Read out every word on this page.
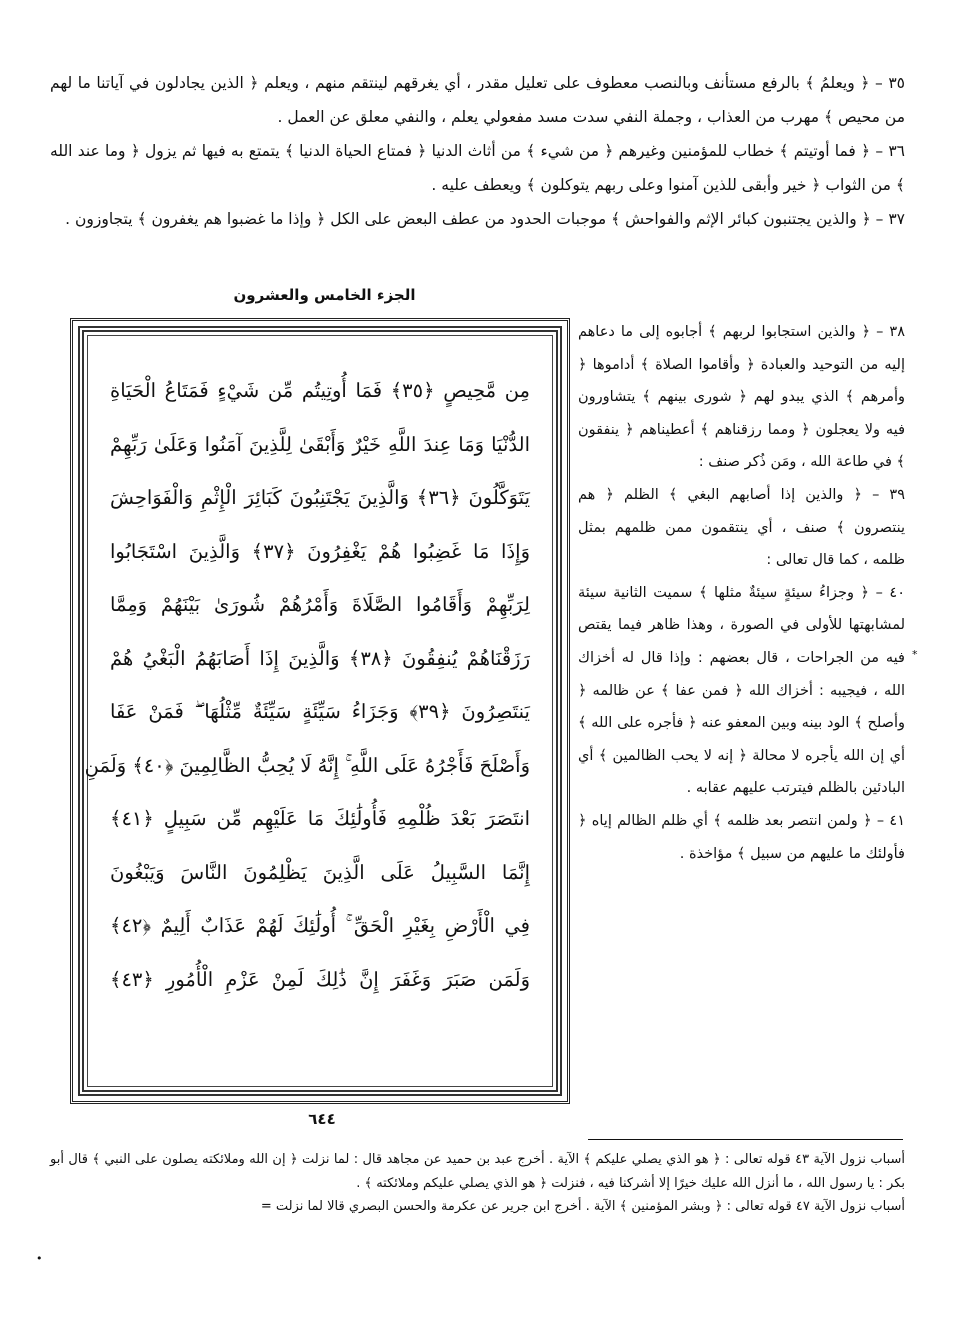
٣٥ – ﴿ ويعلمُ ﴾ بالرفع مستأنف وبالنصب معطوف على تعليل مقدر ، أي يغرقهم لينتقم منهم ، ويعلم ﴿ الذين يجادلون في آياتنا ما لهم من محيص ﴾ مهرب من العذاب ، وجملة النفي سدت مسد مفعولي يعلم ، والنفي معلق عن العمل .

٣٦ – ﴿ فما أوتيتم ﴾ خطاب للمؤمنين وغيرهم ﴿ من شيء ﴾ من أثاث الدنيا ﴿ فمتاع الحياة الدنيا ﴾ يتمتع به فيها ثم يزول ﴿ وما عند الله ﴾ من الثواب ﴿ خير وأبقى للذين آمنوا وعلى ربهم يتوكلون ﴾ ويعطف عليه .

٣٧ – ﴿ والذين يجتنبون كبائر الإثم والفواحش ﴾ موجبات الحدود من عطف البعض على الكل ﴿ وإذا ما غضبوا هم يغفرون ﴾ يتجاوزون .

الجزء الخامس والعشرون
مِن مَّحِيصٍ ﴿٣٥﴾ فَمَا أُوتِيتُم مِّن شَيْءٍ فَمَتَاعُ الْحَيَاةِ
الدُّنْيَا وَمَا عِندَ اللَّهِ خَيْرٌ وَأَبْقَىٰ لِلَّذِينَ آمَنُوا وَعَلَىٰ رَبِّهِمْ
يَتَوَكَّلُونَ ﴿٣٦﴾ وَالَّذِينَ يَجْتَنِبُونَ كَبَائِرَ الْإِثْمِ وَالْفَوَاحِشَ
وَإِذَا مَا غَضِبُوا هُمْ يَغْفِرُونَ ﴿٣٧﴾ وَالَّذِينَ اسْتَجَابُوا
لِرَبِّهِمْ وَأَقَامُوا الصَّلَاةَ وَأَمْرُهُمْ شُورَىٰ بَيْنَهُمْ وَمِمَّا
رَزَقْنَاهُمْ يُنفِقُونَ ﴿٣٨﴾ وَالَّذِينَ إِذَا أَصَابَهُمُ الْبَغْيُ هُمْ
يَنتَصِرُونَ ﴿٣٩﴾ وَجَزَاءُ سَيِّئَةٍ سَيِّئَةٌ مِّثْلُهَا ۖ فَمَنْ عَفَا
وَأَصْلَحَ فَأَجْرُهُ عَلَى اللَّهِ ۚ إِنَّهُ لَا يُحِبُّ الظَّالِمِينَ ﴿٤٠﴾ وَلَمَنِ
انتَصَرَ بَعْدَ ظُلْمِهِ فَأُولَٰئِكَ مَا عَلَيْهِم مِّن سَبِيلٍ ﴿٤١﴾
إِنَّمَا السَّبِيلُ عَلَى الَّذِينَ يَظْلِمُونَ النَّاسَ وَيَبْغُونَ
فِي الْأَرْضِ بِغَيْرِ الْحَقِّ ۚ أُولَٰئِكَ لَهُمْ عَذَابٌ أَلِيمٌ ﴿٤٢﴾
وَلَمَن صَبَرَ وَغَفَرَ إِنَّ ذَٰلِكَ لَمِنْ عَزْمِ الْأُمُورِ ﴿٤٣﴾

٣٨ – ﴿ والذين استجابوا لربهم ﴾ أجابوه إلى ما دعاهم إليه من التوحيد والعبادة ﴿ وأقاموا الصلاة ﴾ أداموها ﴿ وأمرهم ﴾ الذي يبدو لهم ﴿ شورى بينهم ﴾ يتشاورون فيه ولا يعجلون ﴿ ومما رزقناهم ﴾ أعطيناهم ﴿ ينفقون ﴾ في طاعة الله ، ومَن ذُكر صنف :

٣٩ – ﴿ والذين إذا أصابهم البغي ﴾ الظلم ﴿ هم ينتصرون ﴾ صنف ، أي ينتقمون ممن ظلمهم بمثل ظلمه ، كما قال تعالى :

٤٠ – ﴿ وجزاءُ سيئةٍ سيئةٌ مثلها ﴾ سميت الثانية سيئة لمشابهتها للأولى في الصورة ، وهذا ظاهر فيما يقتص فيه من الجراحات ، قال بعضهم : وإذا قال له أخزاك الله ، فيجيبه : أخزاك الله ﴿ فمن عفا ﴾ عن ظالمه ﴿ وأصلح ﴾ الود بينه وبين المعفو عنه ﴿ فأجره على الله ﴾ أي إن الله يأجره لا محالة ﴿ إنه لا يحب الظالمين ﴾ أي البادئين بالظلم فيترتب عليهم عقابه .

٤١ – ﴿ ولمن انتصر بعد ظلمه ﴾ أي ظلم الظالم إياه ﴿ فأولئك ما عليهم من سبيل ﴾ مؤاخذة .

٦٤٤

أسباب نزول الآية ٤٣ قوله تعالى : ﴿ هو الذي يصلي عليكم ﴾ الآية . أخرج عبد بن حميد عن مجاهد قال : لما نزلت ﴿ إن الله وملائكته يصلون على النبي ﴾ قال أبو بكر : يا رسول الله ، ما أنزل الله عليك خيرًا إلا أشركنا فيه ، فنزلت ﴿ هو الذي يصلي عليكم وملائكته ﴾ .

أسباب نزول الآية ٤٧ قوله تعالى : ﴿ وبشر المؤمنين ﴾ الآية . أخرج ابن جرير عن عكرمة والحسن البصري قالا لما نزلت =

*
•
